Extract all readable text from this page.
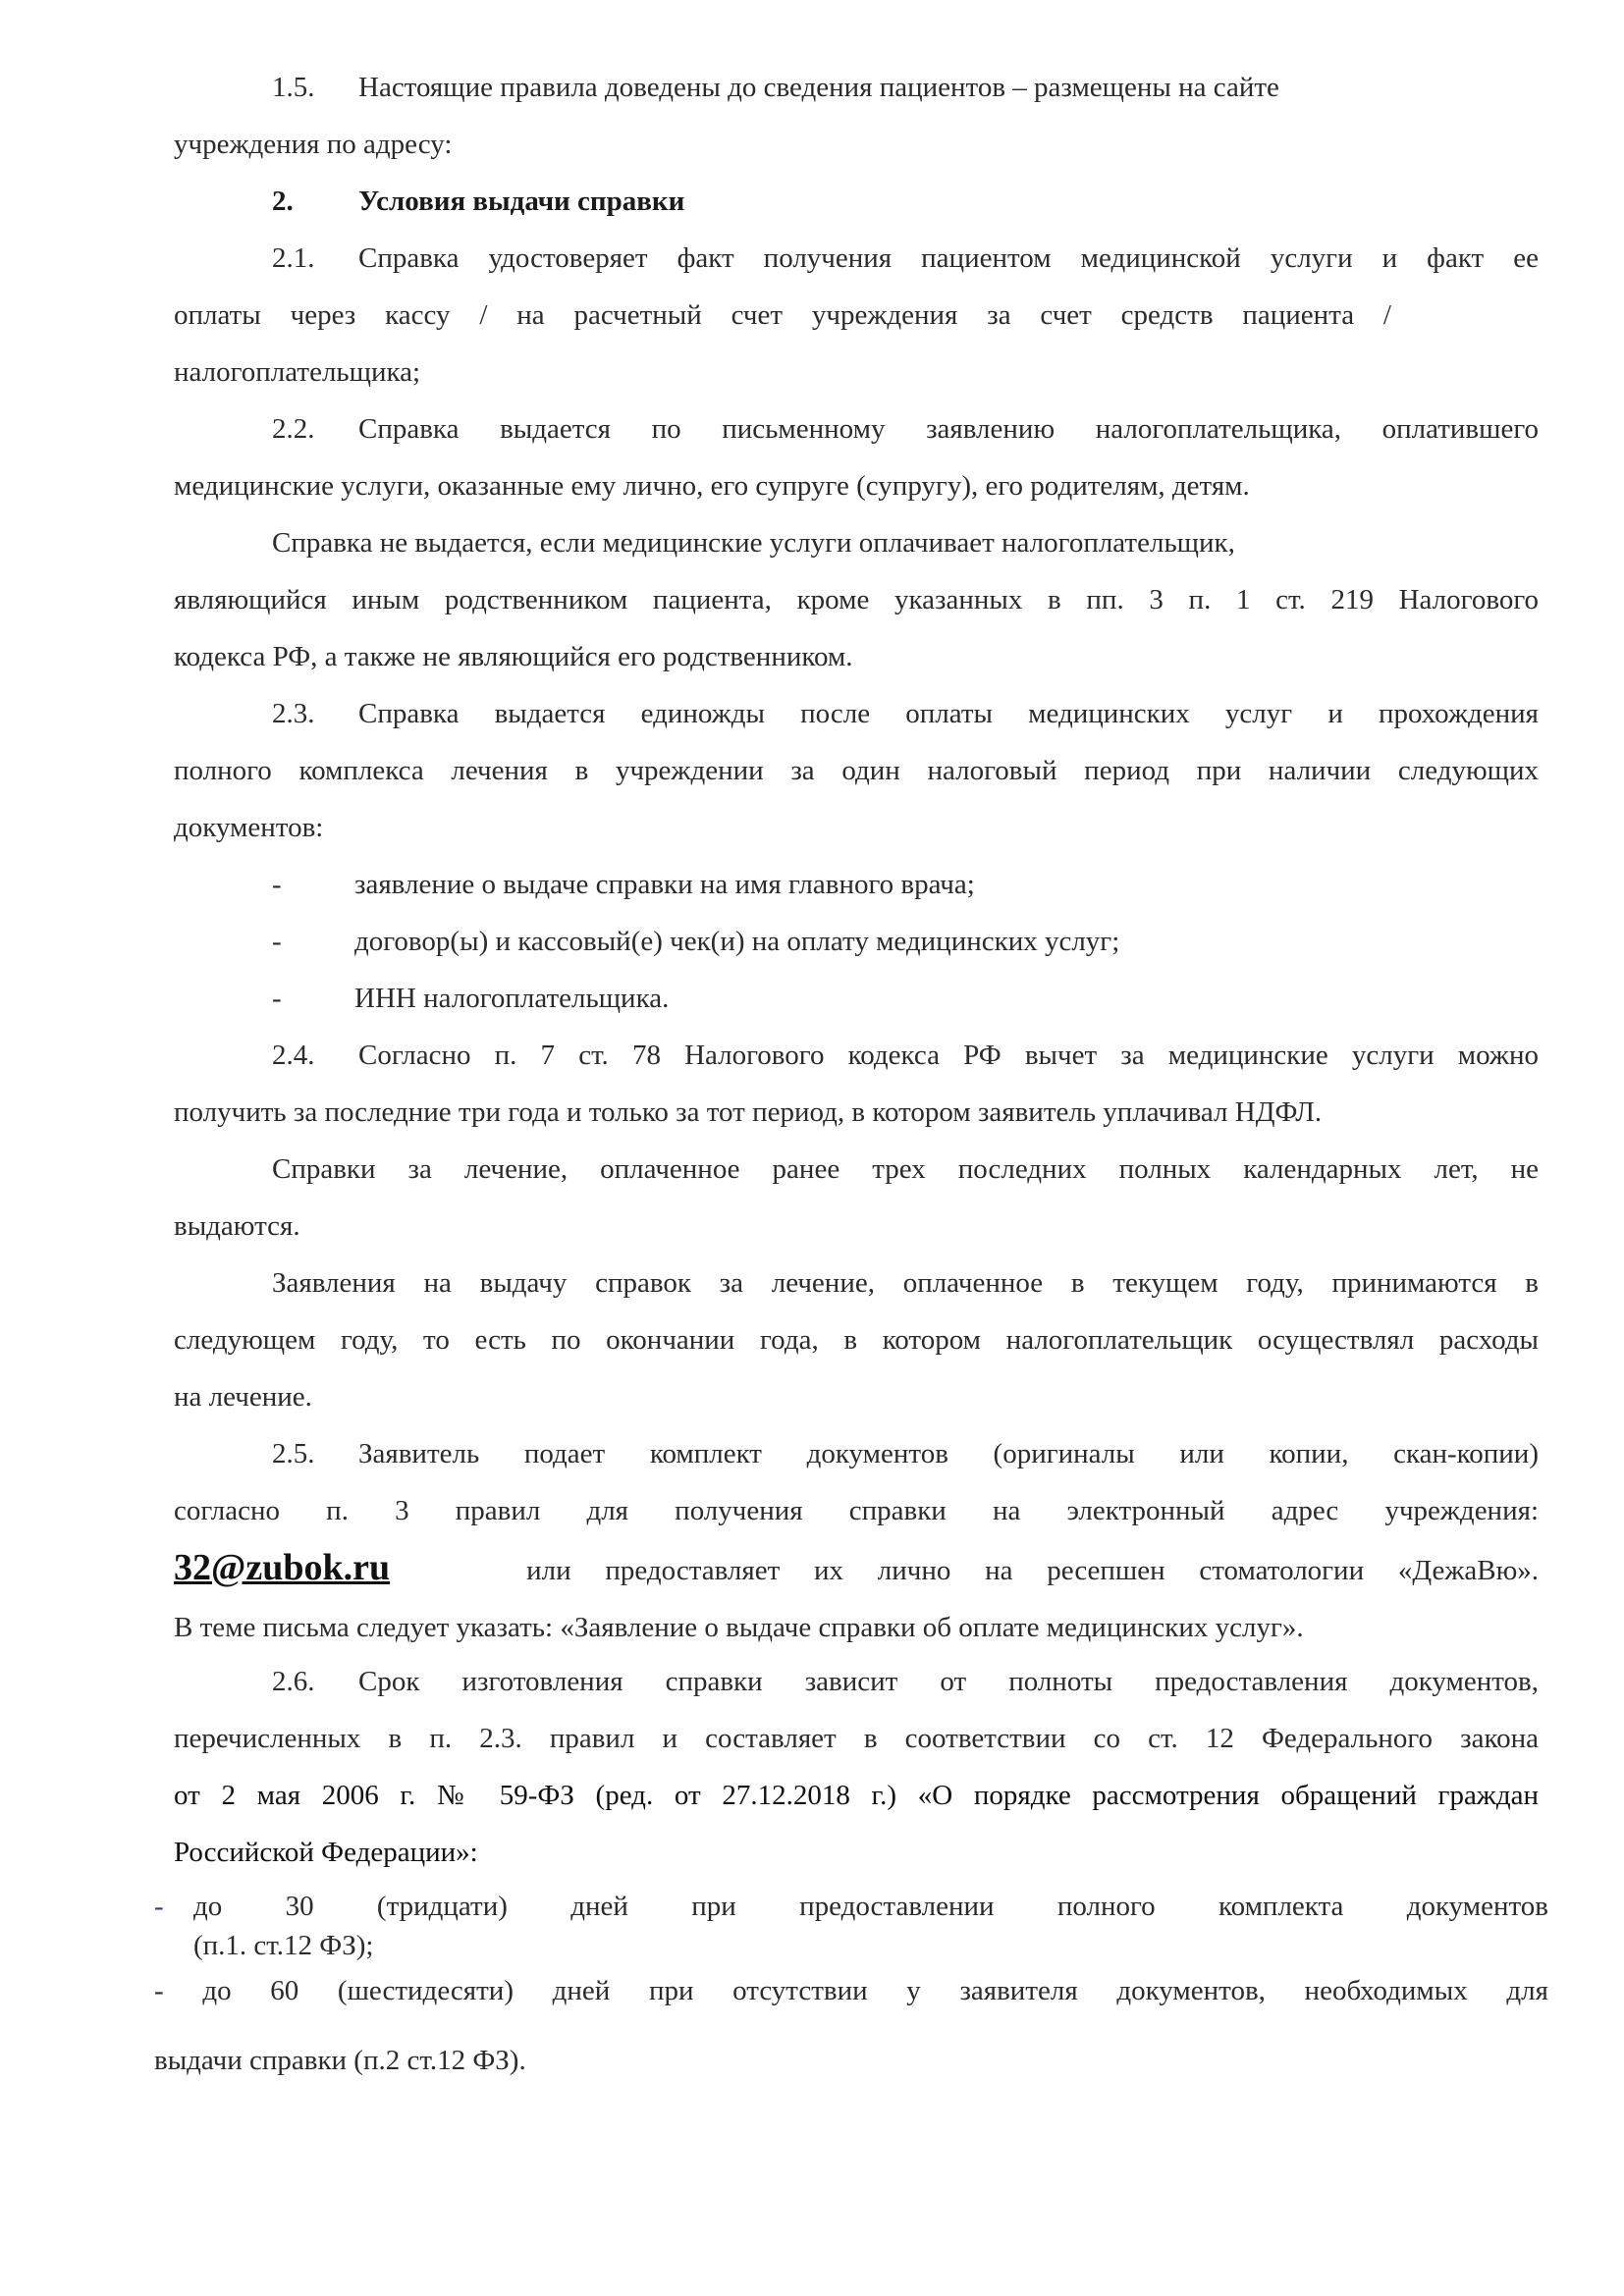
1.5. Настоящие правила доведены до сведения пациентов – размещены на сайте
учреждения по адресу:
2. Условия выдачи справки
2.1. Справка удостоверяет факт получения пациентом медицинской услуги и факт ее
оплаты через кассу / на расчетный счет учреждения за счет средств пациента /
налогоплательщика;
2.2. Справка выдается по письменному заявлению налогоплательщика, оплатившего
медицинские услуги, оказанные ему лично, его супруге (супругу), его родителям, детям.
Справка не выдается, если медицинские услуги оплачивает налогоплательщик,
являющийся иным родственником пациента, кроме указанных в пп. 3 п. 1 ст. 219 Налогового
кодекса РФ, а также не являющийся его родственником.
2.3. Справка выдается единожды после оплаты медицинских услуг и прохождения
полного комплекса лечения в учреждении за один налоговый период при наличии следующих
документов:
-	заявление о выдаче справки на имя главного врача;
-	договор(ы) и кассовый(е) чек(и) на оплату медицинских услуг;
-	ИНН налогоплательщика.
2.4. Согласно п. 7 ст. 78 Налогового кодекса РФ вычет за медицинские услуги можно
получить за последние три года и только за тот период, в котором заявитель уплачивал НДФЛ.
Справки за лечение, оплаченное ранее трех последних полных календарных лет, не
выдаются.
Заявления на выдачу справок за лечение, оплаченное в текущем году, принимаются в
следующем году, то есть по окончании года, в котором налогоплательщик осуществлял расходы
на лечение.
2.5. Заявитель подает комплект документов (оригиналы или копии, скан-копии)
согласно п. 3 правил для получения справки на электронный адрес учреждения:
32@zubok.ru	или предоставляет их лично на ресепшен стоматологии «ДежаВю».
В теме письма следует указать: «Заявление о выдаче справки об оплате медицинских услуг».
2.6. Срок изготовления справки зависит от полноты предоставления документов,
перечисленных в п. 2.3. правил и составляет в соответствии со ст. 12 Федерального закона
от 2 мая 2006 г. № 59-ФЗ (ред. от 27.12.2018 г.) «О порядке рассмотрения обращений граждан
Российской Федерации»:
-	до 30 (тридцати) дней при предоставлении полного комплекта документов
(п.1. ст.12 ФЗ);
- до 60 (шестидесяти) дней при отсутствии у заявителя документов, необходимых для
выдачи справки (п.2 ст.12 ФЗ).
